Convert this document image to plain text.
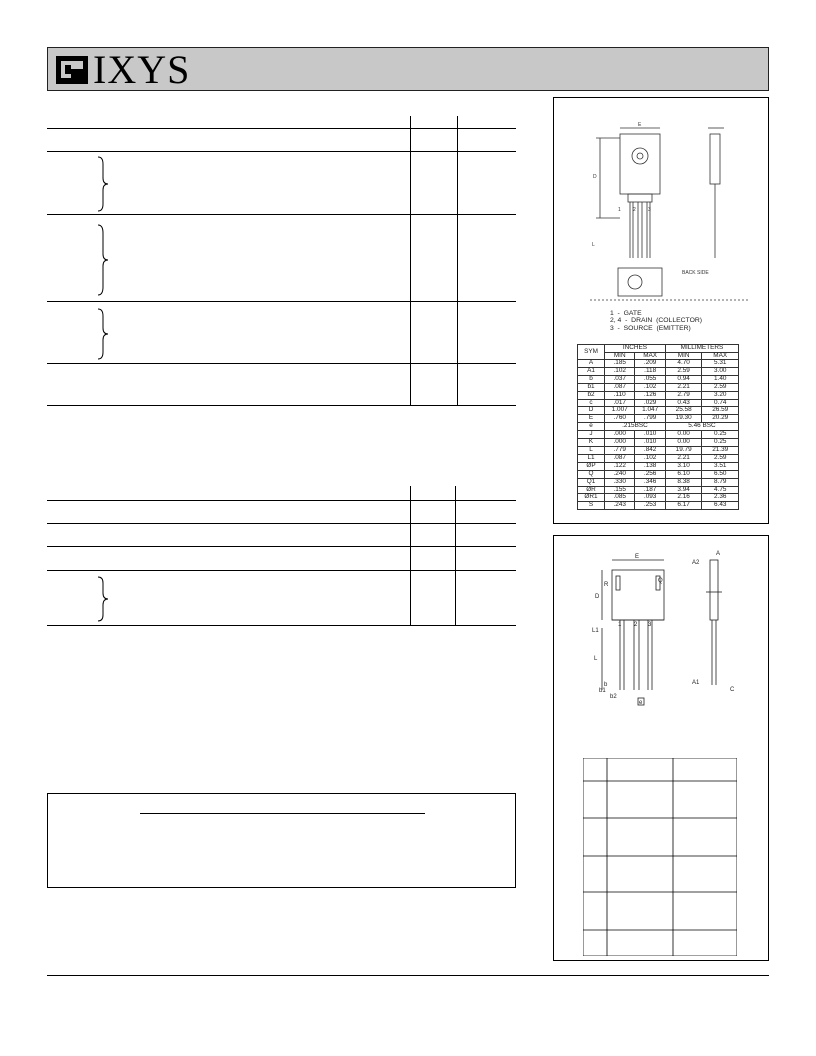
IXYS
D
E
L
1 2 3
BACK SIDE
1  -  GATE
2, 4  -  DRAIN  (COLLECTOR)
3  -  SOURCE  (EMITTER)
SYM	INCHES		MILLIMETERS	
	MIN	MAX	MIN	MAX
A	.185	.209	4.70	5.31
A1	.102	.118	2.59	3.00
b	.037	.055	0.94	1.40
b1	.087	.102	2.21	2.59
b2	.110	.126	2.79	3.20
c	.017	.029	0.43	0.74
D	1.007	1.047	25.58	26.59
E	.760	.799	19.30	20.29
e	.215BSC		5.46 BSC	
J	.000	.010	0.00	0.25
K	.000	.010	0.00	0.25
L	.779	.842	19.79	21.39
L1	.087	.102	2.21	2.59
ØP	.122	.138	3.10	3.51
Q	.240	.256	6.10	6.50
Q1	.330	.346	8.38	8.79
ØR	.155	.187	3.94	4.75
ØR1	.085	.093	2.16	2.36
S	.243	.253	6.17	6.43
E
D
R
Q
1 2 3
L1
L
b
b1
b2
e
A
A2
A1
C
